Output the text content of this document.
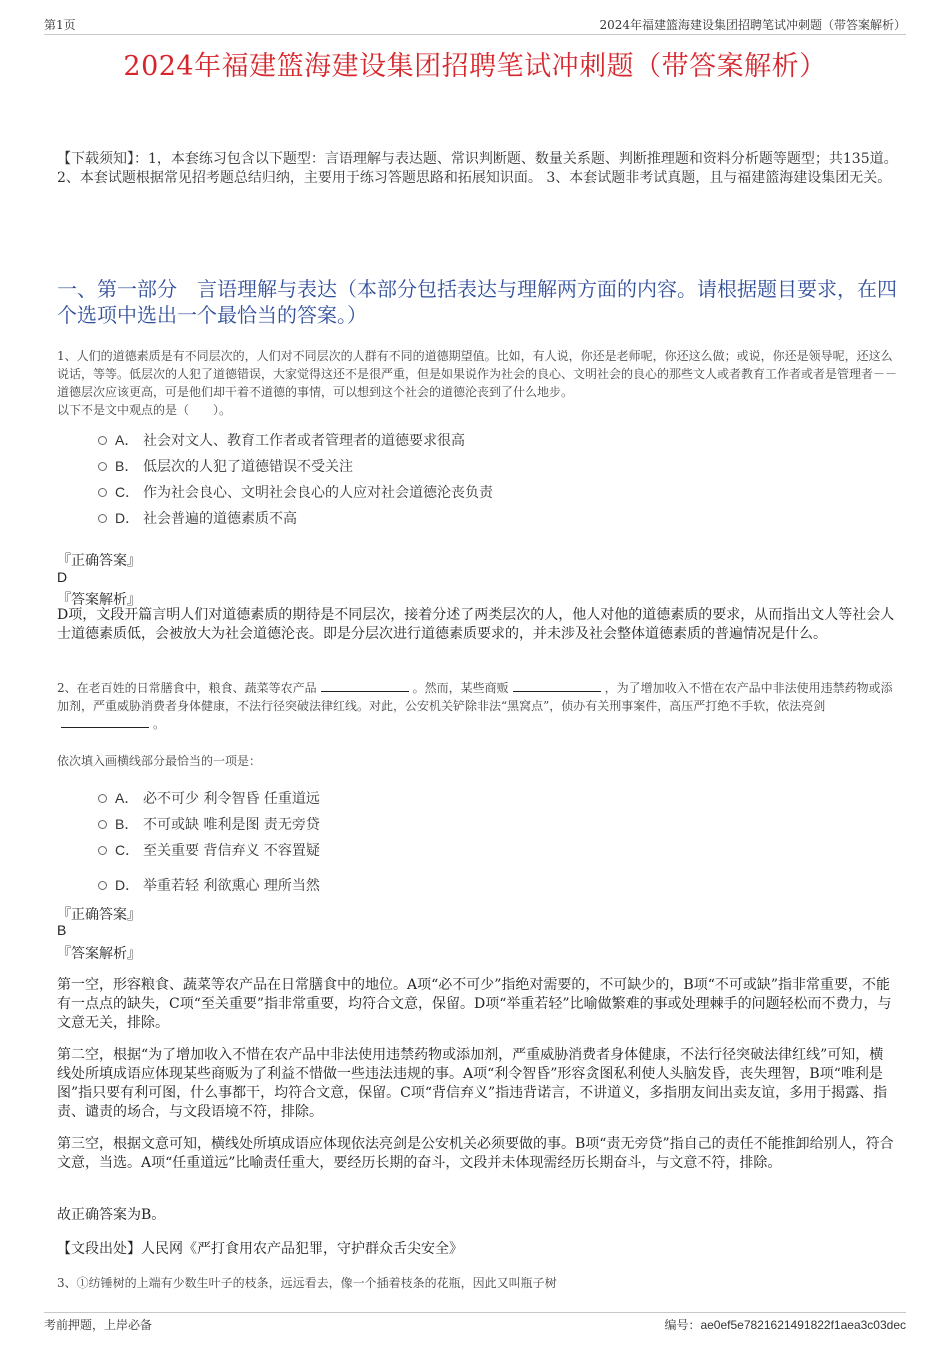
第1页	2024年福建篮海建设集团招聘笔试冲刺题（带答案解析）
2024年福建篮海建设集团招聘笔试冲刺题（带答案解析）
【下载须知】：1，本套练习包含以下题型：言语理解与表达题、常识判断题、数量关系题、判断推理题和资料分析题等题型；共135道。 2、本套试题根据常见招考题总结归纳，主要用于练习答题思路和拓展知识面。 3、本套试题非考试真题，且与福建篮海建设集团无关。
一、第一部分　言语理解与表达（本部分包括表达与理解两方面的内容。请根据题目要求，在四个选项中选出一个最恰当的答案。）
1、人们的道德素质是有不同层次的，人们对不同层次的人群有不同的道德期望值。比如，有人说，你还是老师呢，你还这么做；或说，你还是领导呢，还这么说话，等等。低层次的人犯了道德错误，大家觉得这还不是很严重，但是如果说作为社会的良心、文明社会的良心的那些文人或者教育工作者或者是管理者－－道德层次应该更高，可是他们却干着不道德的事情，可以想到这个社会的道德沦丧到了什么地步。
以下不是文中观点的是（　　）。
A． 社会对文人、教育工作者或者管理者的道德要求很高
B． 低层次的人犯了道德错误不受关注
C． 作为社会良心、文明社会良心的人应对社会道德沦丧负责
D． 社会普遍的道德素质不高
『正确答案』
D
『答案解析』
D项，文段开篇言明人们对道德素质的期待是不同层次，接着分述了两类层次的人，他人对他的道德素质的要求，从而指出文人等社会人士道德素质低，会被放大为社会道德沦丧。即是分层次进行道德素质要求的，并未涉及社会整体道德素质的普遍情况是什么。
2、在老百姓的日常膳食中，粮食、蔬菜等农产品	。然而，某些商贩	，为了增加收入不惜在农产品中非法使用违禁药物或添加剂，严重威胁消费者身体健康，不法行径突破法律红线。对此，公安机关铲除非法“黑窝点”，侦办有关刑事案件，高压严打绝不手软，依法亮剑。
依次填入画横线部分最恰当的一项是：
A． 必不可少 利令智昏 任重道远
B． 不可或缺 唯利是图 责无旁贷
C． 至关重要 背信弃义 不容置疑
D． 举重若轻 利欲熏心 理所当然
『正确答案』
B
『答案解析』
第一空，形容粮食、蔬菜等农产品在日常膳食中的地位。A项“必不可少”指绝对需要的，不可缺少的，B项“不可或缺”指非常重要，不能有一点点的缺失，C项“至关重要”指非常重要，均符合文意，保留。D项“举重若轻”比喻做繁难的事或处理棘手的问题轻松而不费力，与文意无关，排除。
第二空，根据“为了增加收入不惜在农产品中非法使用违禁药物或添加剂，严重威胁消费者身体健康，不法行径突破法律红线”可知，横线处所填成语应体现某些商贩为了利益不惜做一些违法违规的事。A项“利令智昏”形容贪图私利使人头脑发昏，丧失理智，B项“唯利是图”指只要有利可图，什么事都干，均符合文意，保留。C项“背信弃义”指违背诺言，不讲道义，多指朋友间出卖友谊，多用于揭露、指责、谴责的场合，与文段语境不符，排除。
第三空，根据文意可知，横线处所填成语应体现依法亮剑是公安机关必须要做的事。B项“责无旁贷”指自己的责任不能推卸给别人，符合文意，当选。A项“任重道远”比喻责任重大，要经历长期的奋斗，文段并未体现需经历长期奋斗，与文意不符，排除。
故正确答案为B。
【文段出处】人民网《严打食用农产品犯罪，守护群众舌尖安全》
3、①纺锤树的上端有少数生叶子的枝条，远远看去，像一个插着枝条的花瓶，因此又叫瓶子树
考前押题，上岸必备	编号：ae0ef5e7821621491822f1aea3c03dec
